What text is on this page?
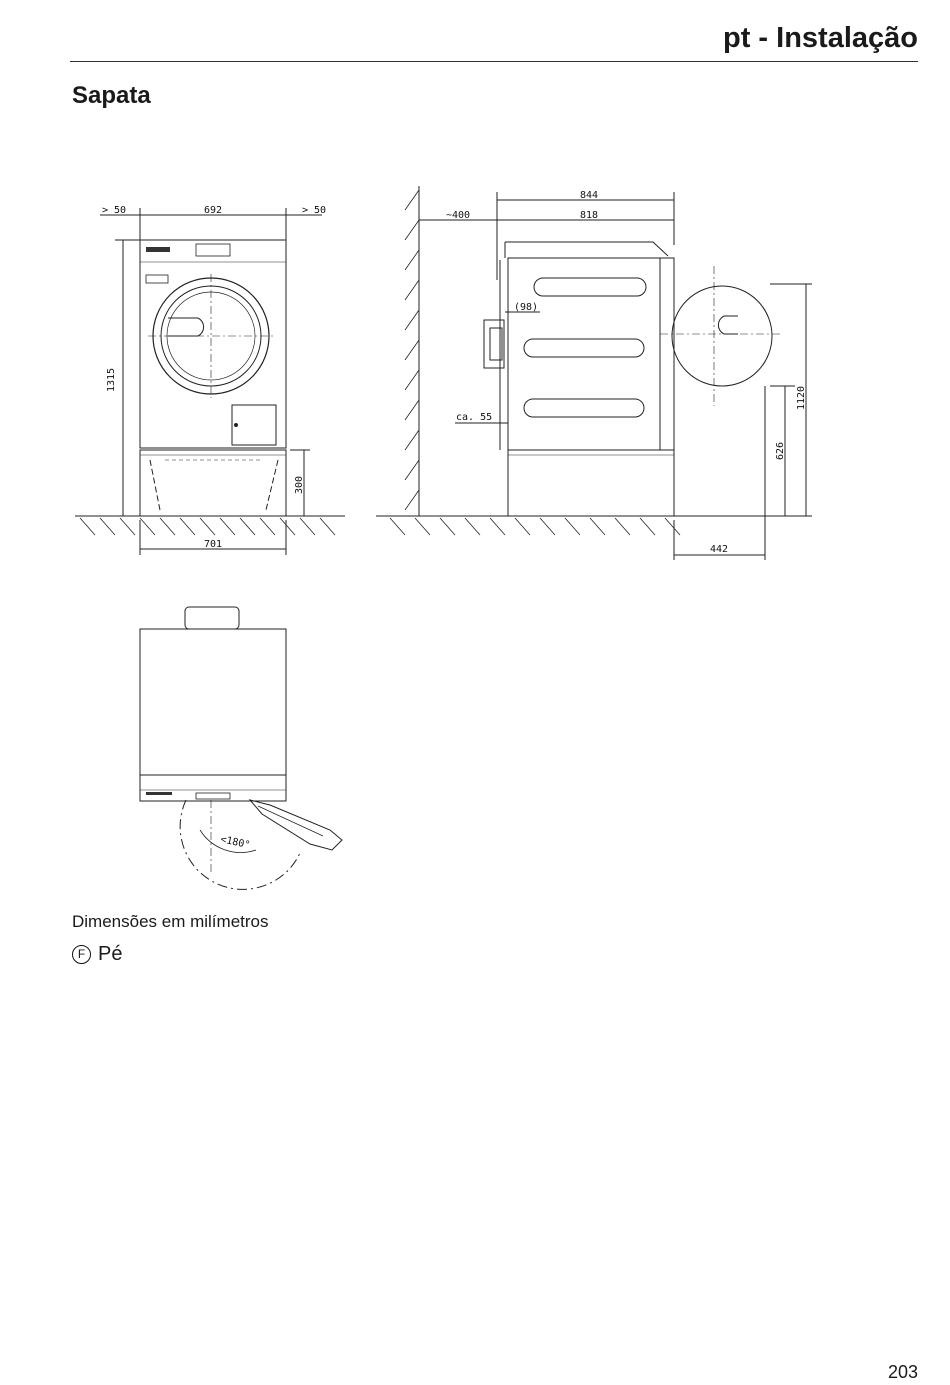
pt - Instalação
Sapata
> 50	692	> 50
1315
300
701
844
~400	818
(98)
ca. 55
442
626
1120
<180°
Dimensões em milímetros
F Pé
203
